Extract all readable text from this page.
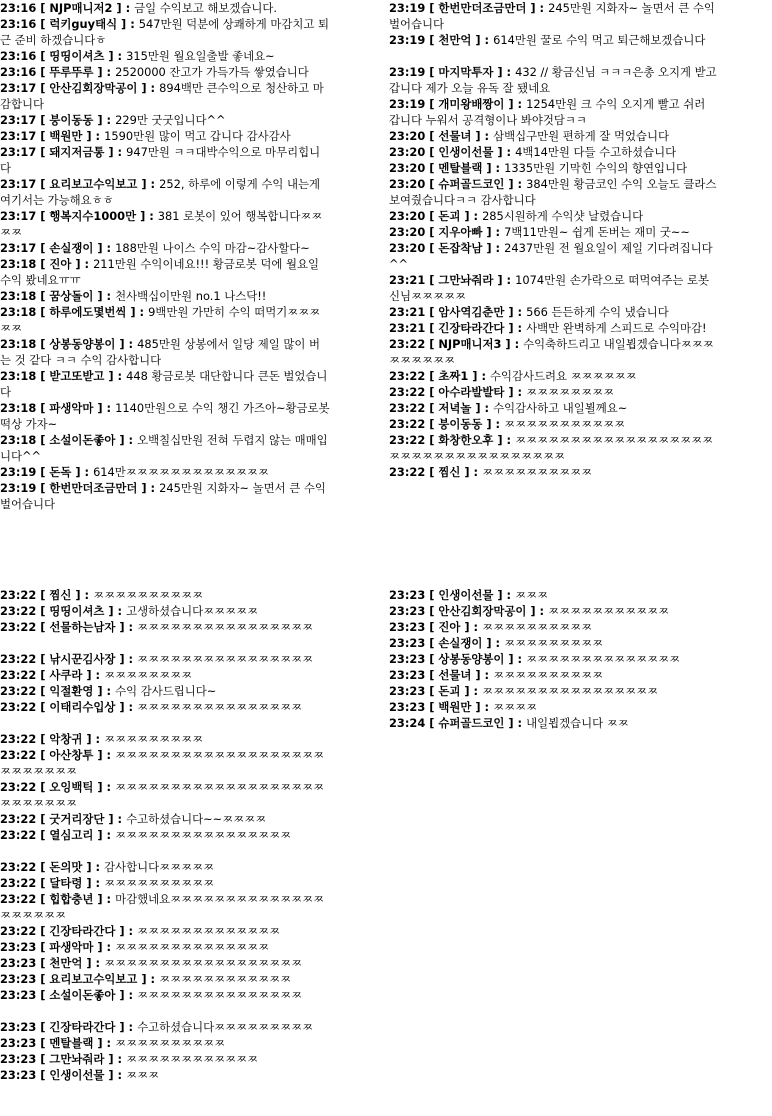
23:16 [ NJP매니저2 ] : 금일 수익보고 해보겠습니다.
23:16 [ 럭키guy태식 ] : 547만원 덕분에 상쾌하게 마감치고 퇴근 준비 하겠습니다ㅎ
23:16 [ 띵띵이셔츠 ] : 315만원 월요일출발 좋네요~
23:16 [ 뚜루뚜루 ] : 2520000 잔고가 가득가득 쌓였습니다
23:17 [ 안산김회장막공이 ] : 894백만 큰수익으로 청산하고 마감합니다
23:17 [ 붕이동동 ] : 229만 굿굿입니다^^
23:17 [ 백원만 ] : 1590만원 많이 먹고 갑니다 감사감사
23:17 [ 돼지저금통 ] : 947만원 ㅋㅋ대박수익으로 마무리힙니다
23:17 [ 요리보고수익보고 ] : 252, 하루에 이렇게 수익 내는게 여기서는 가능해요ㅎㅎ
23:17 [ 행복지수1000만 ] : 381 로봇이 있어 행복합니다ㅉㅉㅉㅉ
23:17 [ 손실쟁이 ] : 188만원 나이스 수익 마감~감사할다~
23:18 [ 진아 ] : 211만원 수익이네요!!! 황금로봇 덕에 월요일 수익 봤네요ㅠㅠ
23:18 [ 꿈상돌이 ] : 천사백십이만원 no.1 나스닥!!
23:18 [ 하루에도몇번씩 ] : 9백만원 가만히 수익 떠먹기ㅉㅉㅉㅉㅉ
23:18 [ 상봉동양봉이 ] : 485만원 상봉에서 일당 제일 많이 버는 것 같다 ㅋㅋ 수익 감사합니다
23:18 [ 받고또받고 ] : 448 황금로봇 대단합니다 큰돈 벌었습니다
23:18 [ 파생악마 ] : 1140만원으로 수익 챙긴 가즈아~황금로봇 떡상 가자~
23:18 [ 소설이돈좋아 ] : 오백칠십만원 전혀 두렵지 않는 매매입니다^^
23:19 [ 돈독 ] : 614만ㅉㅉㅉㅉㅉㅉㅉㅉㅉㅉㅉㅉㅉ
23:19 [ 한번만더조금만더 ] : 245만원 지화자~ 놀면서 큰 수익 벌어습니다
23:19 [ 한번만더조금만더 ] : 245만원 지화자~ 놀면서 큰 수익 벌어습니다
23:19 [ 천만억 ] : 614만원 꿀로 수익 먹고 퇴근해보겠습니다
23:19 [ 마지막투자 ] : 432 // 황금신님 ㅋㅋㅋ은총 오지게 받고 갑니다 제가 오늘 유독 잘 됐네요
23:19 [ 개미왕배짱이 ] : 1254만원 크 수익 오지게 빨고 쉬러 갑니다 누워서 공격형이나 봐야것담ㅋㅋ
23:20 [ 선물녀 ] : 삼백십구만원 편하게 잘 먹었습니다
23:20 [ 인생이선물 ] : 4백14만원 다들 수고하셨습니다
23:20 [ 멘탈블랙 ] : 1335만원 기막힌 수익의 향연입니다
23:20 [ 슈퍼골드코인 ] : 384만원 황금코인 수익 오늘도 클라스 보여줬습니다ㅋㅋ 감사합니다
23:20 [ 돈괴 ] : 285시원하게 수익샷 날렸습니다
23:20 [ 지우아빠 ] : 7백11만원~ 쉽게 돈버는 재미 굿~~
23:20 [ 돈잡착남 ] : 2437만원 전 월요일이 제일 기다려집니다^^
23:21 [ 그만놔줘라 ] : 1074만원 손가락으로 떠먹여주는 로봇 신님ㅉㅉㅉㅉㅉ
23:21 [ 암사역김춘만 ] : 566 든든하게 수익 냈습니다
23:21 [ 긴장타라간다 ] : 사백만 완벽하게 스피드로 수익마감!
23:22 [ NJP매니저3 ] : 수익축하드리고 내일뵙겠습니다ㅉㅉㅉㅉㅉㅉㅉㅉㅉ
23:22 [ 초짜1 ] : 수익감사드려요 ㅉㅉㅉㅉㅉㅉ
23:22 [ 아수라발발타 ] : ㅉㅉㅉㅉㅉㅉㅉㅉ
23:22 [ 저녁놀 ] : 수익감사하고 내일뵐께요~
23:22 [ 붕이동동 ] : ㅉㅉㅉㅉㅉㅉㅉㅉㅉㅉㅉ
23:22 [ 화창한오후 ] : ㅉㅉㅉㅉㅉㅉㅉㅉㅉㅉㅉㅉㅉㅉㅉㅉㅉㅉㅉㅉㅉㅉㅉㅉㅉㅉㅉㅉㅉㅉㅉㅉㅉㅉ
23:22 [ 찜신 ] : ㅉㅉㅉㅉㅉㅉㅉㅉㅉㅉ
23:22 [ 찜신 ] : ㅉㅉㅉㅉㅉㅉㅉㅉㅉㅉ
23:22 [ 띵띵이셔츠 ] : 고생하셨습니다ㅉㅉㅉㅉㅉ
23:22 [ 선물하는남자 ] : ㅉㅉㅉㅉㅉㅉㅉㅉㅉㅉㅉㅉㅉㅉㅉㅉ
23:22 [ 낚시꾼김사장 ] : ㅉㅉㅉㅉㅉㅉㅉㅉㅉㅉㅉㅉㅉㅉㅉㅉ
23:22 [ 사쿠라 ] : ㅉㅉㅉㅉㅉㅉㅉㅉ
23:22 [ 익절환영 ] : 수익 감사드립니다~
23:22 [ 이태리수입상 ] : ㅉㅉㅉㅉㅉㅉㅉㅉㅉㅉㅉㅉㅉㅉㅉ
23:22 [ 악창귀 ] : ㅉㅉㅉㅉㅉㅉㅉㅉㅉ
23:22 [ 아산창투 ] : ㅉㅉㅉㅉㅉㅉㅉㅉㅉㅉㅉㅉㅉㅉㅉㅉㅉㅉㅉㅉㅉㅉㅉㅉㅉㅉ
23:22 [ 오잉백틱 ] : ㅉㅉㅉㅉㅉㅉㅉㅉㅉㅉㅉㅉㅉㅉㅉㅉㅉㅉㅉㅉㅉㅉㅉㅉㅉㅉ
23:22 [ 굿거리장단 ] : 수고하셨습니다~~ㅉㅉㅉㅉ
23:22 [ 열심고리 ] : ㅉㅉㅉㅉㅉㅉㅉㅉㅉㅉㅉㅉㅉㅉㅉㅉ
23:22 [ 돈의맛 ] : 감사합니다ㅉㅉㅉㅉㅉ
23:22 [ 달타령 ] : ㅉㅉㅉㅉㅉㅉㅉㅉㅉㅉ
23:22 [ 힙합충년 ] : 마감했네요ㅉㅉㅉㅉㅉㅉㅉㅉㅉㅉㅉㅉㅉㅉㅉㅉㅉㅉㅉㅉ
23:22 [ 긴장타라간다 ] : ㅉㅉㅉㅉㅉㅉㅉㅉㅉㅉㅉㅉㅉ
23:23 [ 파생악마 ] : ㅉㅉㅉㅉㅉㅉㅉㅉㅉㅉㅉㅉㅉㅉ
23:23 [ 천만억 ] : ㅉㅉㅉㅉㅉㅉㅉㅉㅉㅉㅉㅉㅉㅉㅉㅉㅉㅉ
23:23 [ 요리보고수익보고 ] : ㅉㅉㅉㅉㅉㅉㅉㅉㅉㅉㅉㅉ
23:23 [ 소설이돈좋아 ] : ㅉㅉㅉㅉㅉㅉㅉㅉㅉㅉㅉㅉㅉㅉㅉ
23:23 [ 긴장타라간다 ] : 수고하셨습니다ㅉㅉㅉㅉㅉㅉㅉㅉㅉ
23:23 [ 멘탈블랙 ] : ㅉㅉㅉㅉㅉㅉㅉㅉㅉㅉ
23:23 [ 그만놔줘라 ] : ㅉㅉㅉㅉㅉㅉㅉㅉㅉㅉㅉㅉ
23:23 [ 인생이선물 ] : ㅉㅉㅉ
23:23 [ 인생이선물 ] : ㅉㅉㅉ
23:23 [ 안산김회장막공이 ] : ㅉㅉㅉㅉㅉㅉㅉㅉㅉㅉㅉ
23:23 [ 진아 ] : ㅉㅉㅉㅉㅉㅉㅉㅉㅉㅉ
23:23 [ 손실쟁이 ] : ㅉㅉㅉㅉㅉㅉㅉㅉㅉ
23:23 [ 상봉동양봉이 ] : ㅉㅉㅉㅉㅉㅉㅉㅉㅉㅉㅉㅉㅉㅉ
23:23 [ 선물녀 ] : ㅉㅉㅉㅉㅉㅉㅉㅉㅉㅉ
23:23 [ 돈괴 ] : ㅉㅉㅉㅉㅉㅉㅉㅉㅉㅉㅉㅉㅉㅉㅉㅉ
23:23 [ 백원만 ] : ㅉㅉㅉㅉ
23:24 [ 슈퍼골드코인 ] : 내일뵙겠습니다 ㅉㅉ
